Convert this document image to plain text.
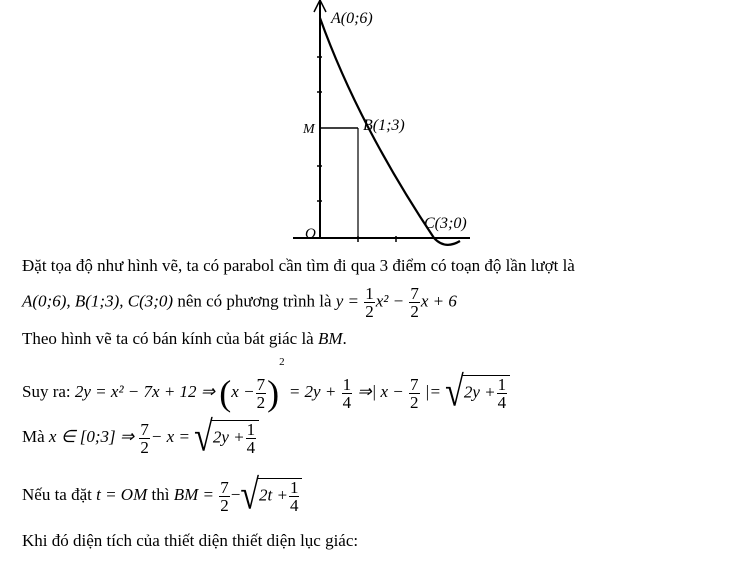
A(0;6)
B(1;3)
C(3;0)
M
O
Đặt tọa độ như hình vẽ, ta có parabol cần tìm đi qua 3 điểm có toạn độ lần lượt là
A(0;6), B(1;3), C(3;0) nên có phương trình là $y = \frac{1}{2} x^2 - \frac{7}{2}$ x + 6
Theo hình vẽ ta có bán kính của bát giác là BM.
Suy ra: 2y = x² − 7x + 12 ⇒ $(x - \frac{7}{2} )^2 = 2y + \frac{1}{4}$ ⇒| $x - \frac{7}{2}$ |= $√2y + \frac{1}{4}$
Mà x ∈ [0;3] ⇒ $\frac{7}{2} - x = √2y + \frac{1}{4}$
Nếu ta đặt t = OM thì BM = $\frac{7}{2} -√2t + \frac{1}{4}$
Khi đó diện tích của thiết diện thiết diện lục giác:
